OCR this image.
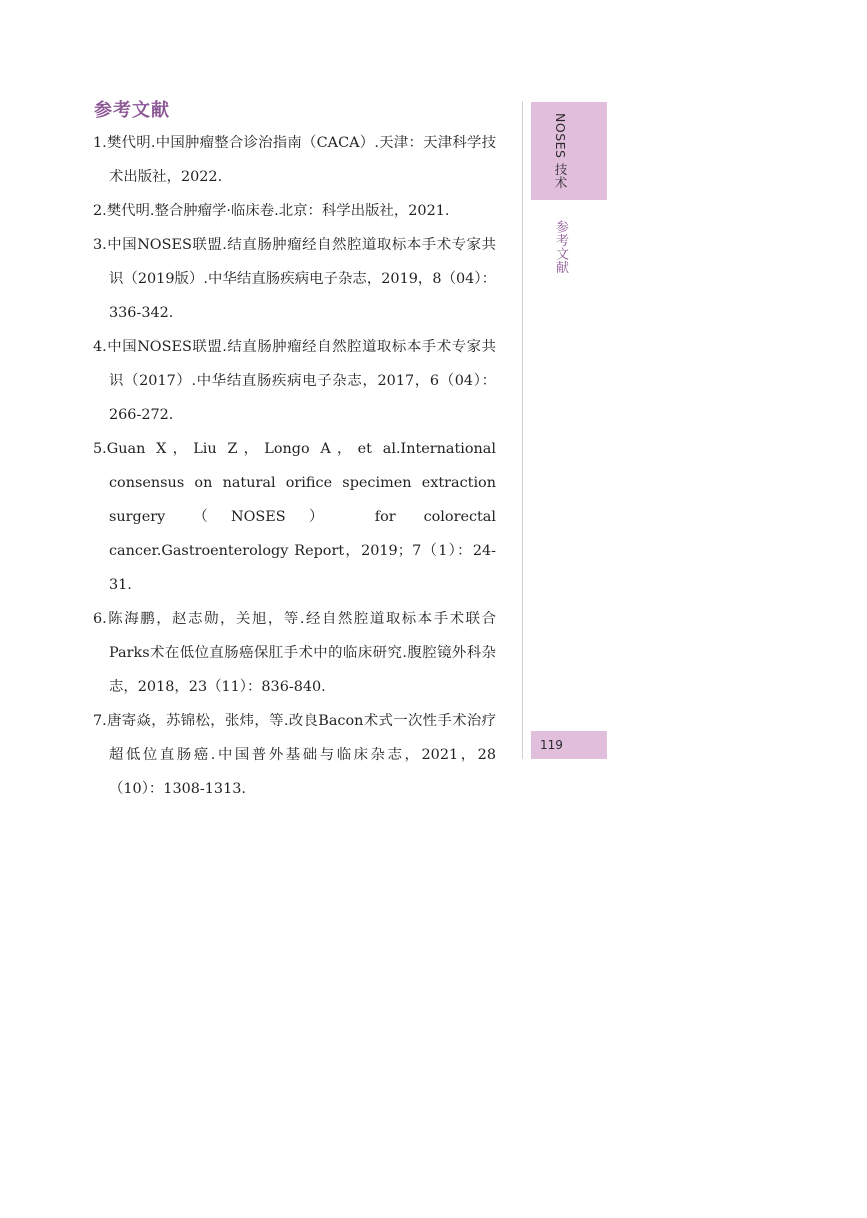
参考文献
1.樊代明.中国肿瘤整合诊治指南（CACA）.天津：天津科学技术出版社，2022.
2.樊代明.整合肿瘤学·临床卷.北京：科学出版社，2021.
3.中国NOSES联盟.结直肠肿瘤经自然腔道取标本手术专家共识（2019版）.中华结直肠疾病电子杂志，2019，8（04）：336-342.
4.中国NOSES联盟.结直肠肿瘤经自然腔道取标本手术专家共识（2017）.中华结直肠疾病电子杂志，2017，6（04）：266-272.
5.Guan X，Liu Z，Longo A，et al.International consensus on natural orifice specimen extraction surgery （NOSES） for colorectal cancer.Gastroenterology Report，2019；7（1）：24-31.
6.陈海鹏，赵志勋，关旭，等.经自然腔道取标本手术联合Parks术在低位直肠癌保肛手术中的临床研究.腹腔镜外科杂志，2018，23（11）：836-840.
7.唐寄焱，苏锦松，张炜，等.改良Bacon术式一次性手术治疗超低位直肠癌.中国普外基础与临床杂志，2021，28（10）：1308-1313.
NOSES 技术
参考文献
119
